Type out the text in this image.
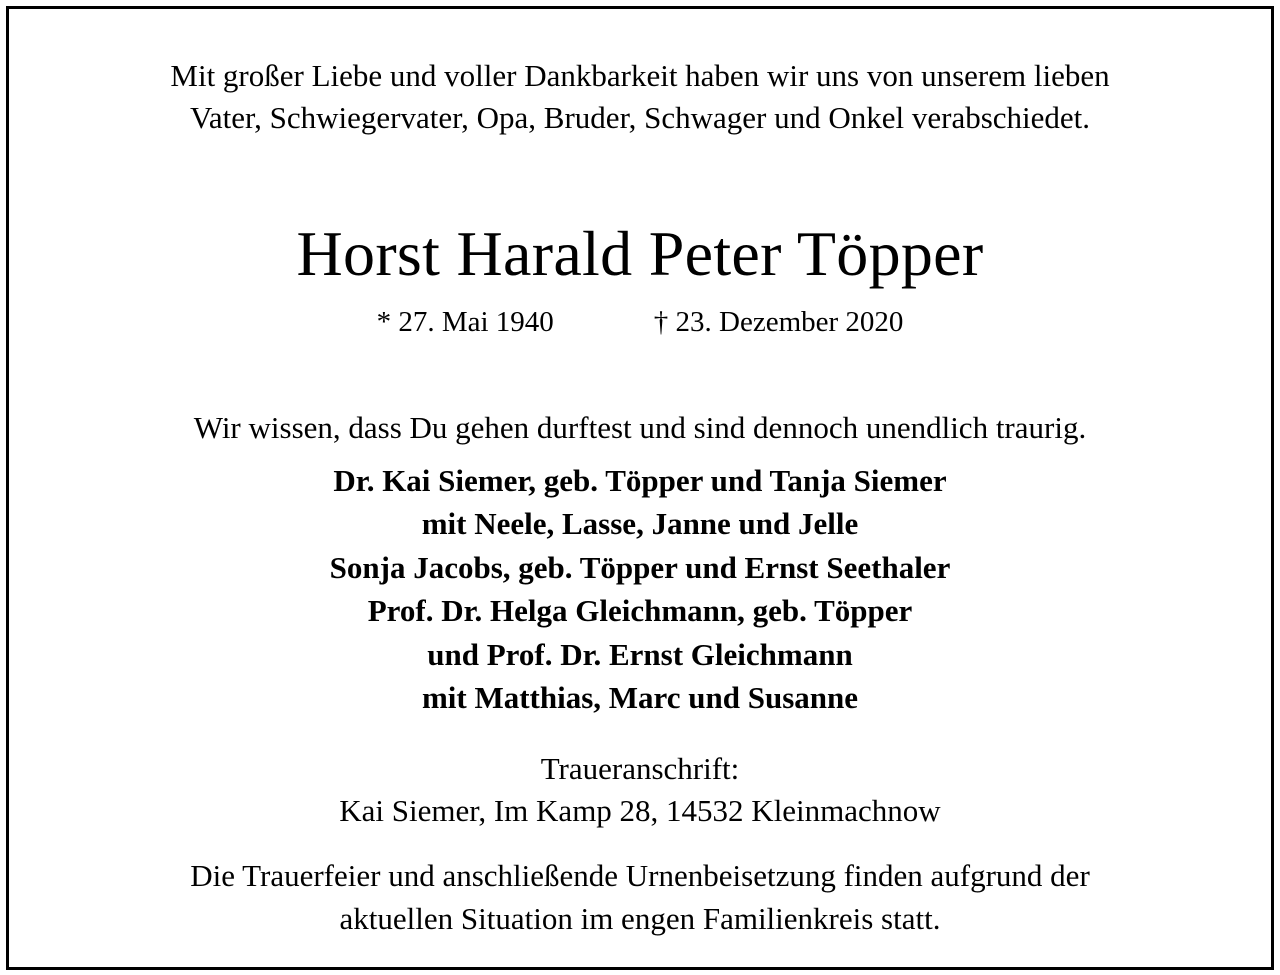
Mit großer Liebe und voller Dankbarkeit haben wir uns von unserem lieben
Vater, Schwiegervater, Opa, Bruder, Schwager und Onkel verabschiedet.
Horst Harald Peter Töpper
* 27. Mai 1940	† 23. Dezember 2020
Wir wissen, dass Du gehen durftest und sind dennoch unendlich traurig.
Dr. Kai Siemer, geb. Töpper und Tanja Siemer
mit Neele, Lasse, Janne und Jelle
Sonja Jacobs, geb. Töpper und Ernst Seethaler
Prof. Dr. Helga Gleichmann, geb. Töpper
und Prof. Dr. Ernst Gleichmann
mit Matthias, Marc und Susanne
Traueranschrift:
Kai Siemer, Im Kamp 28, 14532 Kleinmachnow
Die Trauerfeier und anschließende Urnenbeisetzung finden aufgrund der
aktuellen Situation im engen Familienkreis statt.
